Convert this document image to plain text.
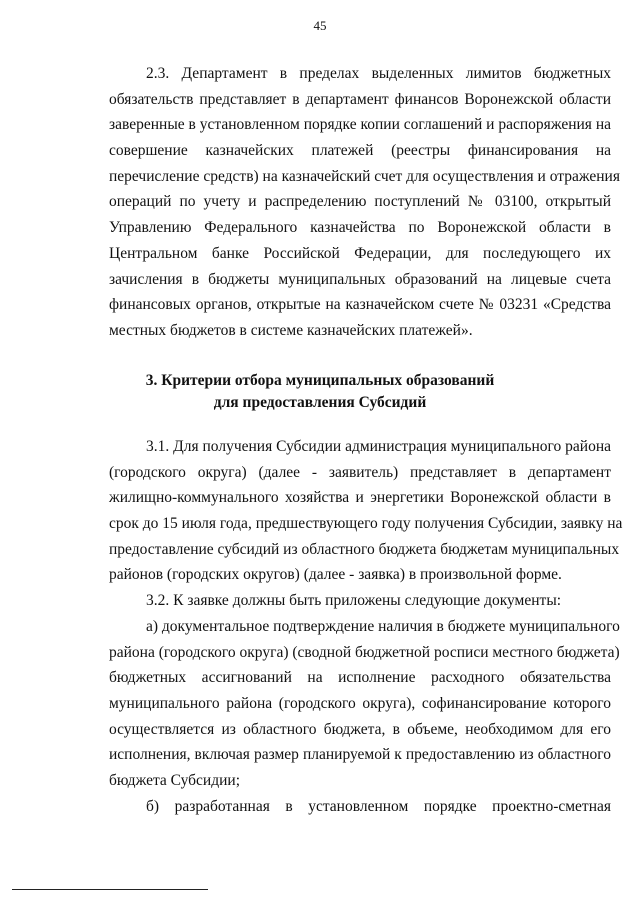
45
2.3. Департамент в пределах выделенных лимитов бюджетных
обязательств представляет в департамент финансов Воронежской области
заверенные в установленном порядке копии соглашений и распоряжения на
совершение казначейских платежей (реестры финансирования на
перечисление средств) на казначейский счет для осуществления и отражения
операций по учету и распределению поступлений № 03100, открытый
Управлению Федерального казначейства по Воронежской области в
Центральном банке Российской Федерации, для последующего их
зачисления в бюджеты муниципальных образований на лицевые счета
финансовых органов, открытые на казначейском счете № 03231 «Средства
местных бюджетов в системе казначейских платежей».
3. Критерии отбора муниципальных образований
для предоставления Субсидий
3.1. Для получения Субсидии администрация муниципального района
(городского округа) (далее - заявитель) представляет в департамент
жилищно-коммунального хозяйства и энергетики Воронежской области в
срок до 15 июля года, предшествующего году получения Субсидии, заявку на
предоставление субсидий из областного бюджета бюджетам муниципальных
районов (городских округов) (далее - заявка) в произвольной форме.
3.2. К заявке должны быть приложены следующие документы:
а) документальное подтверждение наличия в бюджете муниципального
района (городского округа) (сводной бюджетной росписи местного бюджета)
бюджетных ассигнований на исполнение расходного обязательства
муниципального района (городского округа), софинансирование которого
осуществляется из областного бюджета, в объеме, необходимом для его
исполнения, включая размер планируемой к предоставлению из областного
бюджета Субсидии;
б) разработанная в установленном порядке проектно-сметная
